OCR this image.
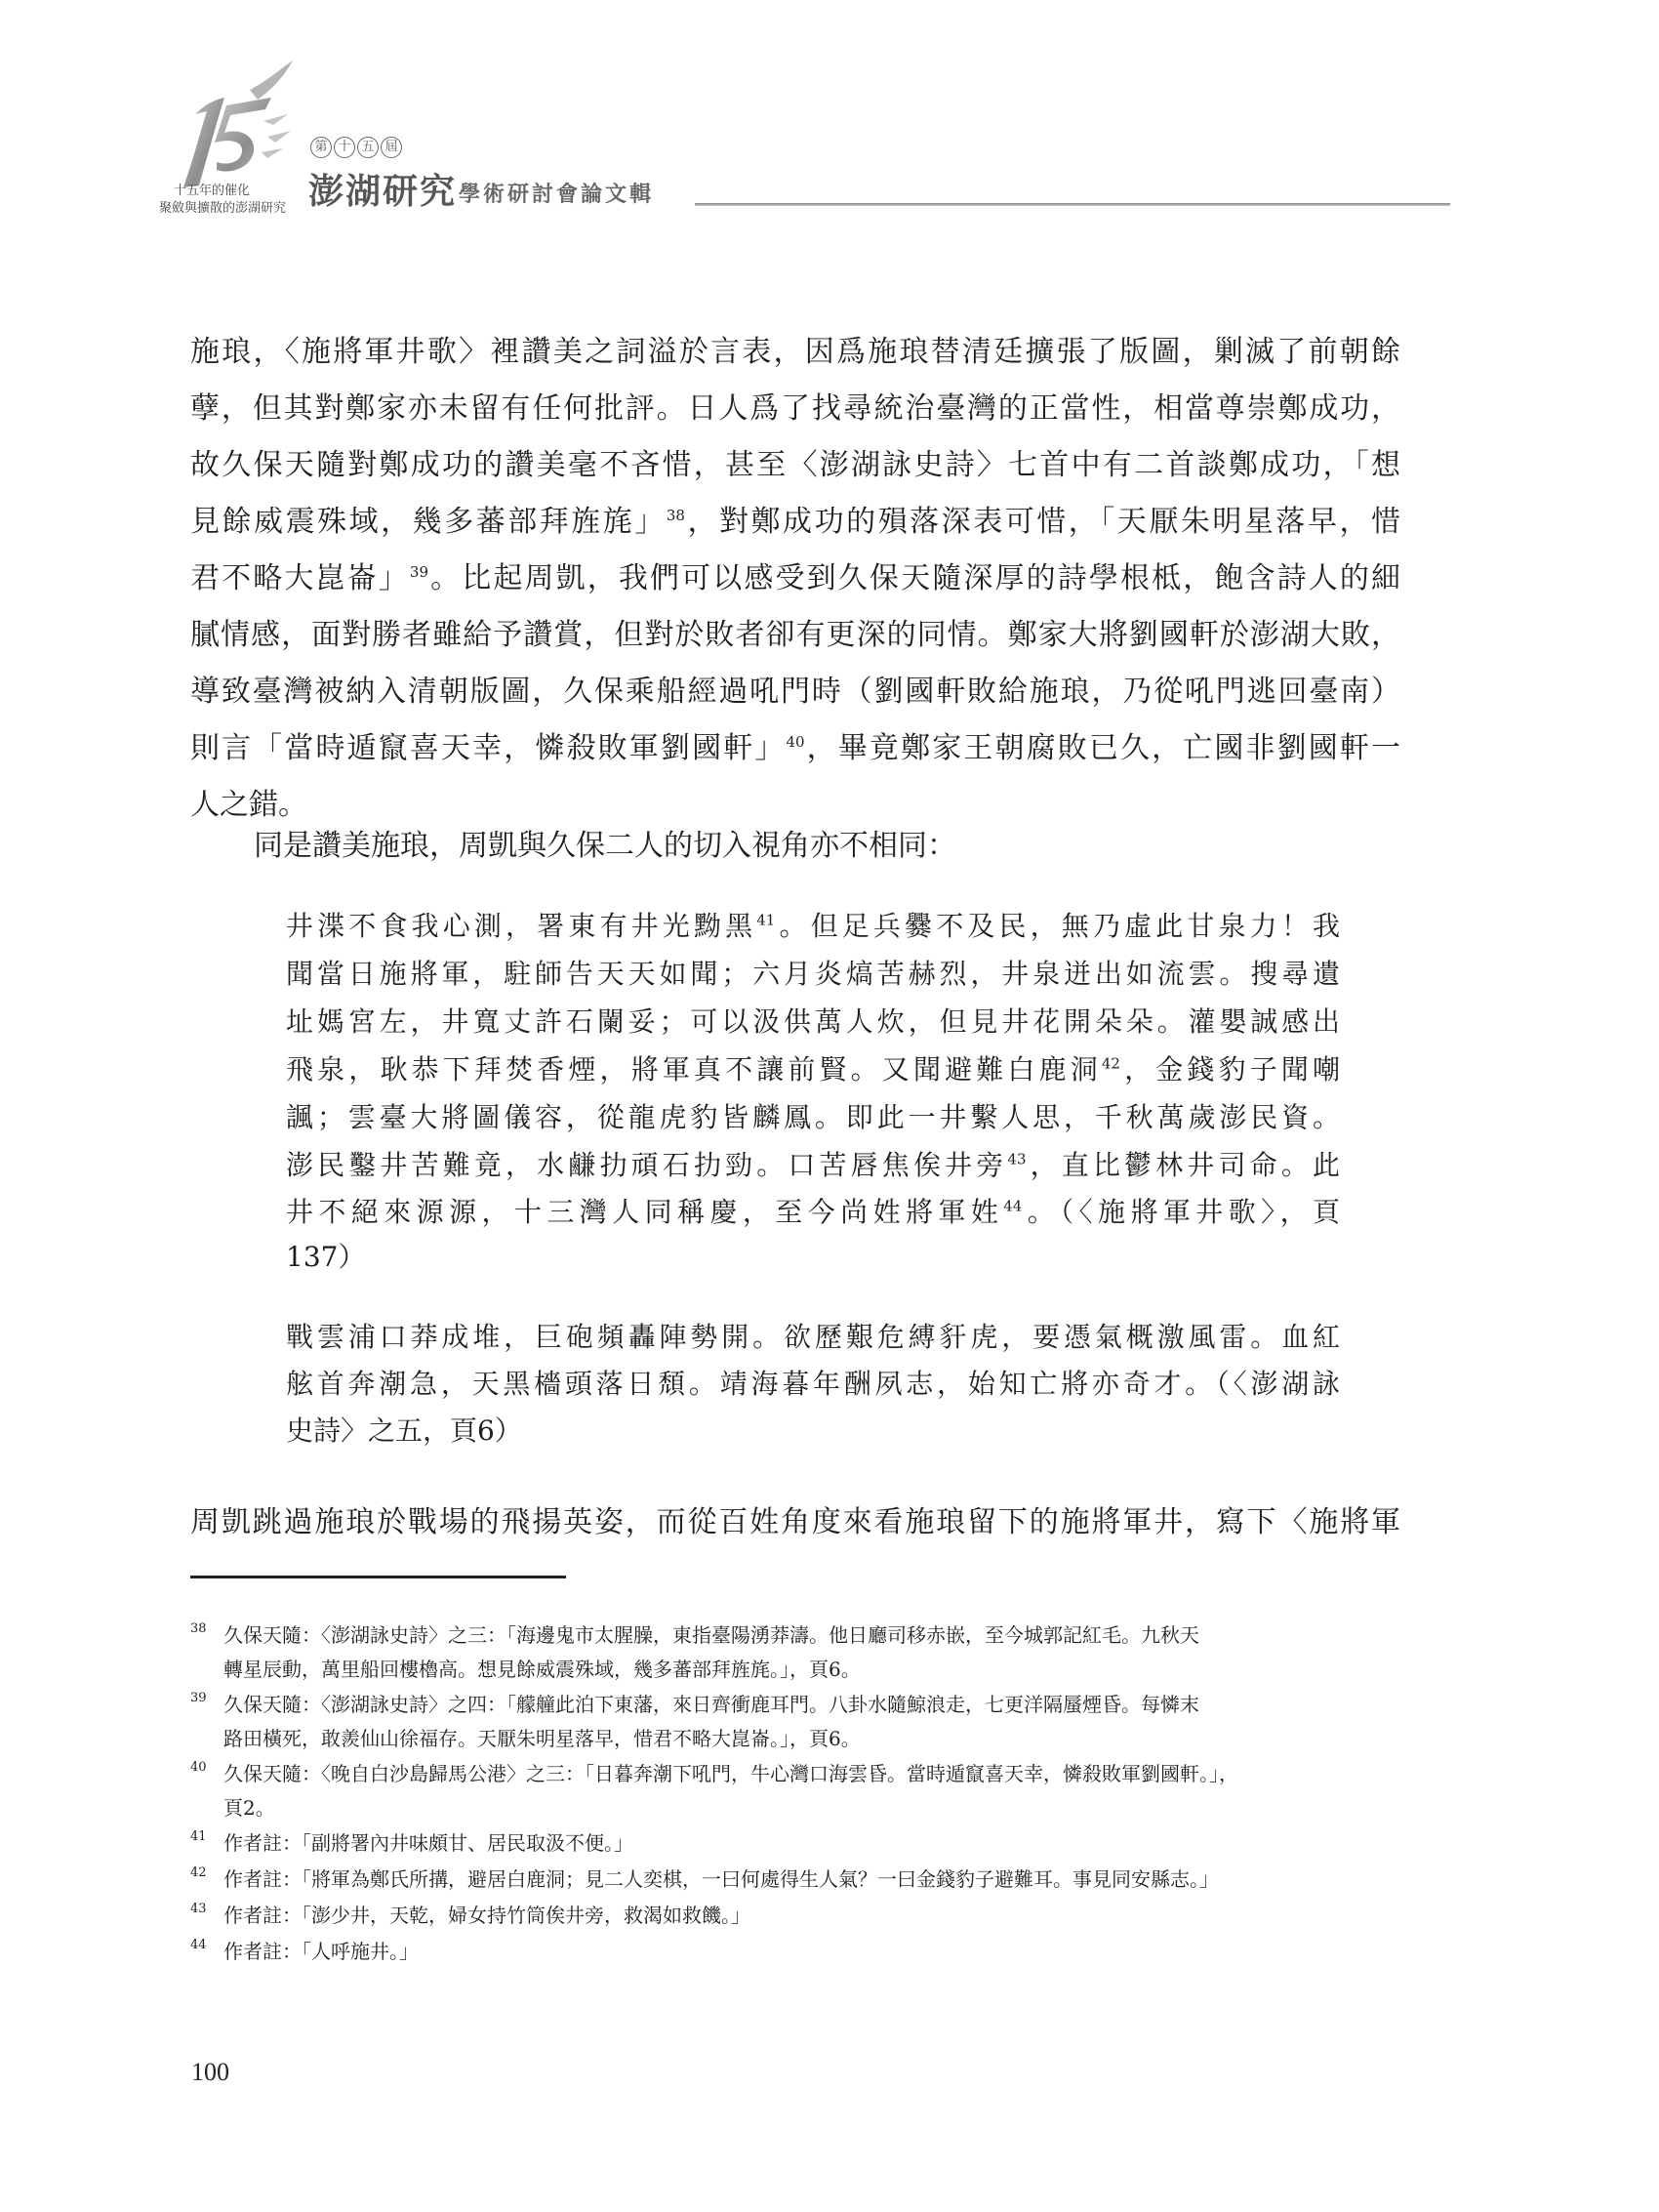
十五年的催化
聚斂與擴散的澎湖研究
第 十 五 屆
澎湖研究 學術研討會論文輯
施琅，〈施將軍井歌〉裡讚美之詞溢於言表，因爲施琅替清廷擴張了版圖，剿滅了前朝餘
孽，但其對鄭家亦未留有任何批評。日人爲了找尋統治臺灣的正當性，相當尊崇鄭成功，
故久保天隨對鄭成功的讚美毫不吝惜，甚至〈澎湖詠史詩〉七首中有二首談鄭成功，「想
見餘威震殊域，幾多蕃部拜旌旄」$^{38}$，對鄭成功的殞落深表可惜，「天厭朱明星落早，惜
君不略大崑崙」$^{39}$。比起周凱，我們可以感受到久保天隨深厚的詩學根柢，飽含詩人的細
膩情感，面對勝者雖給予讚賞，但對於敗者卻有更深的同情。鄭家大將劉國軒於澎湖大敗，
導致臺灣被納入清朝版圖，久保乘船經過吼門時（劉國軒敗給施琅，乃從吼門逃回臺南）
則言「當時遁竄喜天幸，憐殺敗軍劉國軒」$^{40}$，畢竟鄭家王朝腐敗已久，亡國非劉國軒一
人之錯。
同是讚美施琅，周凱與久保二人的切入視角亦不相同：
井渫不食我心測，署東有井光黝黑$^{41}$。但足兵爨不及民，無乃虛此甘泉力！我
聞當日施將軍，駐師告天天如聞；六月炎熇苦赫烈，井泉迸出如流雲。搜尋遺
址媽宮左，井寬丈許石闌妥；可以汲供萬人炊，但見井花開朵朵。灌嬰誠感出
飛泉，耿恭下拜焚香煙，將軍真不讓前賢。又聞避難白鹿洞$^{42}$，金錢豹子聞嘲
諷；雲臺大將圖儀容，從龍虎豹皆麟鳳。即此一井繫人思，千秋萬歲澎民資。
澎民鑿井苦難竟，水鹻扐頑石扐勁。口苦唇焦俟井旁$^{43}$，直比鬱林井司命。此
井不絕來源源，十三灣人同稱慶，至今尚姓將軍姓$^{44}$。（〈施將軍井歌〉，頁
137）
戰雲浦口莽成堆，巨砲頻轟陣勢開。欲歷艱危縛豻虎，要憑氣概激風雷。血紅
舷首奔潮急，天黑檣頭落日頹。靖海暮年酬夙志，始知亡將亦奇才。（〈澎湖詠
史詩〉之五，頁6）
周凱跳過施琅於戰場的飛揚英姿，而從百姓角度來看施琅留下的施將軍井，寫下〈施將軍
38 久保天隨：〈澎湖詠史詩〉之三：「海邊鬼市太腥臊，東指臺陽湧莽濤。他日廳司移赤嵌，至今城郭記紅毛。九秋天
轉星辰動，萬里船回樓櫓高。想見餘威震殊域，幾多蕃部拜旌旄。」，頁6。
39 久保天隨：〈澎湖詠史詩〉之四：「艨艟此泊下東藩，來日齊衝鹿耳門。八卦水隨鯨浪走，七更洋隔蜃煙昏。每憐末
路田橫死，敢羨仙山徐福存。天厭朱明星落早，惜君不略大崑崙。」，頁6。
40 久保天隨：〈晚自白沙島歸馬公港〉之三：「日暮奔潮下吼門，牛心灣口海雲昏。當時遁竄喜天幸，憐殺敗軍劉國軒。」，
頁2。
41 作者註：「副將署內井味頗甘、居民取汲不便。」
42 作者註：「將軍為鄭氏所搆，避居白鹿洞；見二人奕棋，一曰何處得生人氣？一曰金錢豹子避難耳。事見同安縣志。」
43 作者註：「澎少井，天乾，婦女持竹筒俟井旁，救渴如救饑。」
44 作者註：「人呼施井。」
100
